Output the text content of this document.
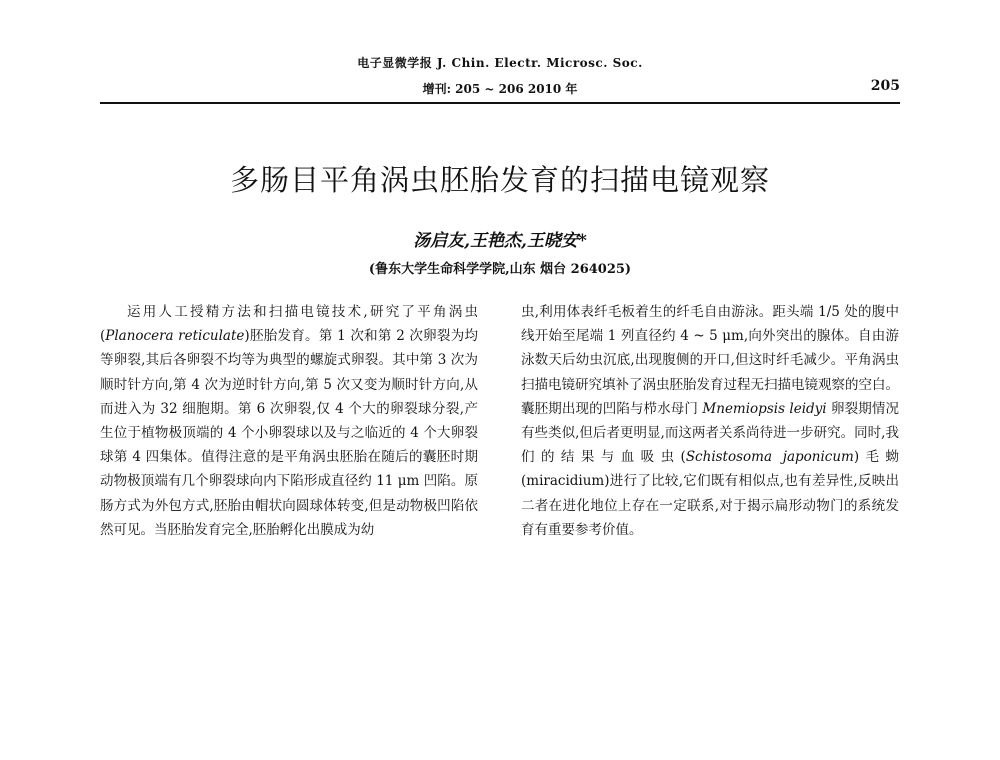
电子显微学报 J. Chin. Electr. Microsc. Soc.
增刊: 205 ~ 206 2010 年	205
多肠目平角涡虫胚胎发育的扫描电镜观察
汤启友,王艳杰,王晓安*
(鲁东大学生命科学学院,山东 烟台 264025)

运用人工授精方法和扫描电镜技术,研究了平角涡虫(Planocera reticulate)胚胎发育。第 1 次和第 2 次卵裂为均等卵裂,其后各卵裂不均等为典型的螺旋式卵裂。其中第 3 次为顺时针方向,第 4 次为逆时针方向,第 5 次又变为顺时针方向,从而进入为 32 细胞期。第 6 次卵裂,仅 4 个大的卵裂球分裂,产生位于植物极顶端的 4 个小卵裂球以及与之临近的 4 个大卵裂球第 4 四集体。值得注意的是平角涡虫胚胎在随后的囊胚时期动物极顶端有几个卵裂球向内下陷形成直径约 11 μm 凹陷。原肠方式为外包方式,胚胎由帽状向圆球体转变,但是动物极凹陷依然可见。当胚胎发育完全,胚胎孵化出膜成为幼

虫,利用体表纤毛板着生的纤毛自由游泳。距头端 1/5 处的腹中线开始至尾端 1 列直径约 4 ~ 5 μm,向外突出的腺体。自由游泳数天后幼虫沉底,出现腹侧的开口,但这时纤毛减少。平角涡虫扫描电镜研究填补了涡虫胚胎发育过程无扫描电镜观察的空白。囊胚期出现的凹陷与栉水母门 Mnemiopsis leidyi 卵裂期情况有些类似,但后者更明显,而这两者关系尚待进一步研究。同时,我们的结果与血吸虫(Schistosoma japonicum)毛蚴(miracidium)进行了比较,它们既有相似点,也有差异性,反映出二者在进化地位上存在一定联系,对于揭示扁形动物门的系统发育有重要参考价值。
